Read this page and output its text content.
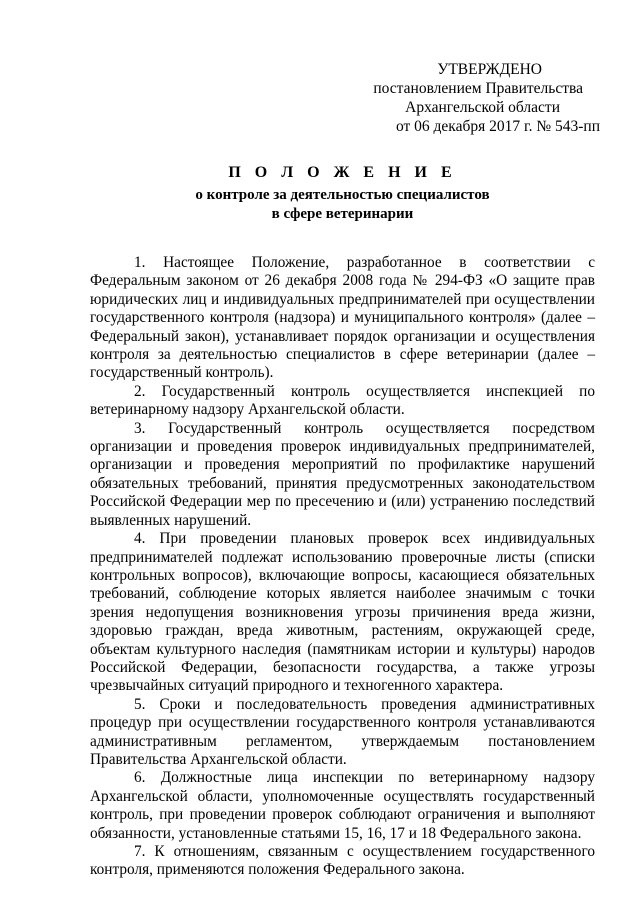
УТВЕРЖДЕНО
постановлением Правительства
Архангельской области
от 06 декабря 2017 г. № 543-пп
П О Л О Ж Е Н И Е
о контроле за деятельностью специалистов
в сфере ветеринарии

1. Настоящее Положение, разработанное в соответствии с Федеральным законом от 26 декабря 2008 года № 294-ФЗ «О защите прав юридических лиц и индивидуальных предпринимателей при осуществлении государственного контроля (надзора) и муниципального контроля» (далее – Федеральный закон), устанавливает порядок организации и осуществления контроля за деятельностью специалистов в сфере ветеринарии (далее – государственный контроль).

2. Государственный контроль осуществляется инспекцией по ветеринарному надзору Архангельской области.

3. Государственный контроль осуществляется посредством организации и проведения проверок индивидуальных предпринимателей, организации и проведения мероприятий по профилактике нарушений обязательных требований, принятия предусмотренных законодательством Российской Федерации мер по пресечению и (или) устранению последствий выявленных нарушений.

4. При проведении плановых проверок всех индивидуальных предпринимателей подлежат использованию проверочные листы (списки контрольных вопросов), включающие вопросы, касающиеся обязательных требований, соблюдение которых является наиболее значимым с точки зрения недопущения возникновения угрозы причинения вреда жизни, здоровью граждан, вреда животным, растениям, окружающей среде, объектам культурного наследия (памятникам истории и культуры) народов Российской Федерации, безопасности государства, а также угрозы чрезвычайных ситуаций природного и техногенного характера.

5. Сроки и последовательность проведения административных процедур при осуществлении государственного контроля устанавливаются административным регламентом, утверждаемым постановлением Правительства Архангельской области.

6. Должностные лица инспекции по ветеринарному надзору Архангельской области, уполномоченные осуществлять государственный контроль, при проведении проверок соблюдают ограничения и выполняют обязанности, установленные статьями 15, 16, 17 и 18 Федерального закона.

7. К отношениям, связанным с осуществлением государственного контроля, применяются положения Федерального закона.
